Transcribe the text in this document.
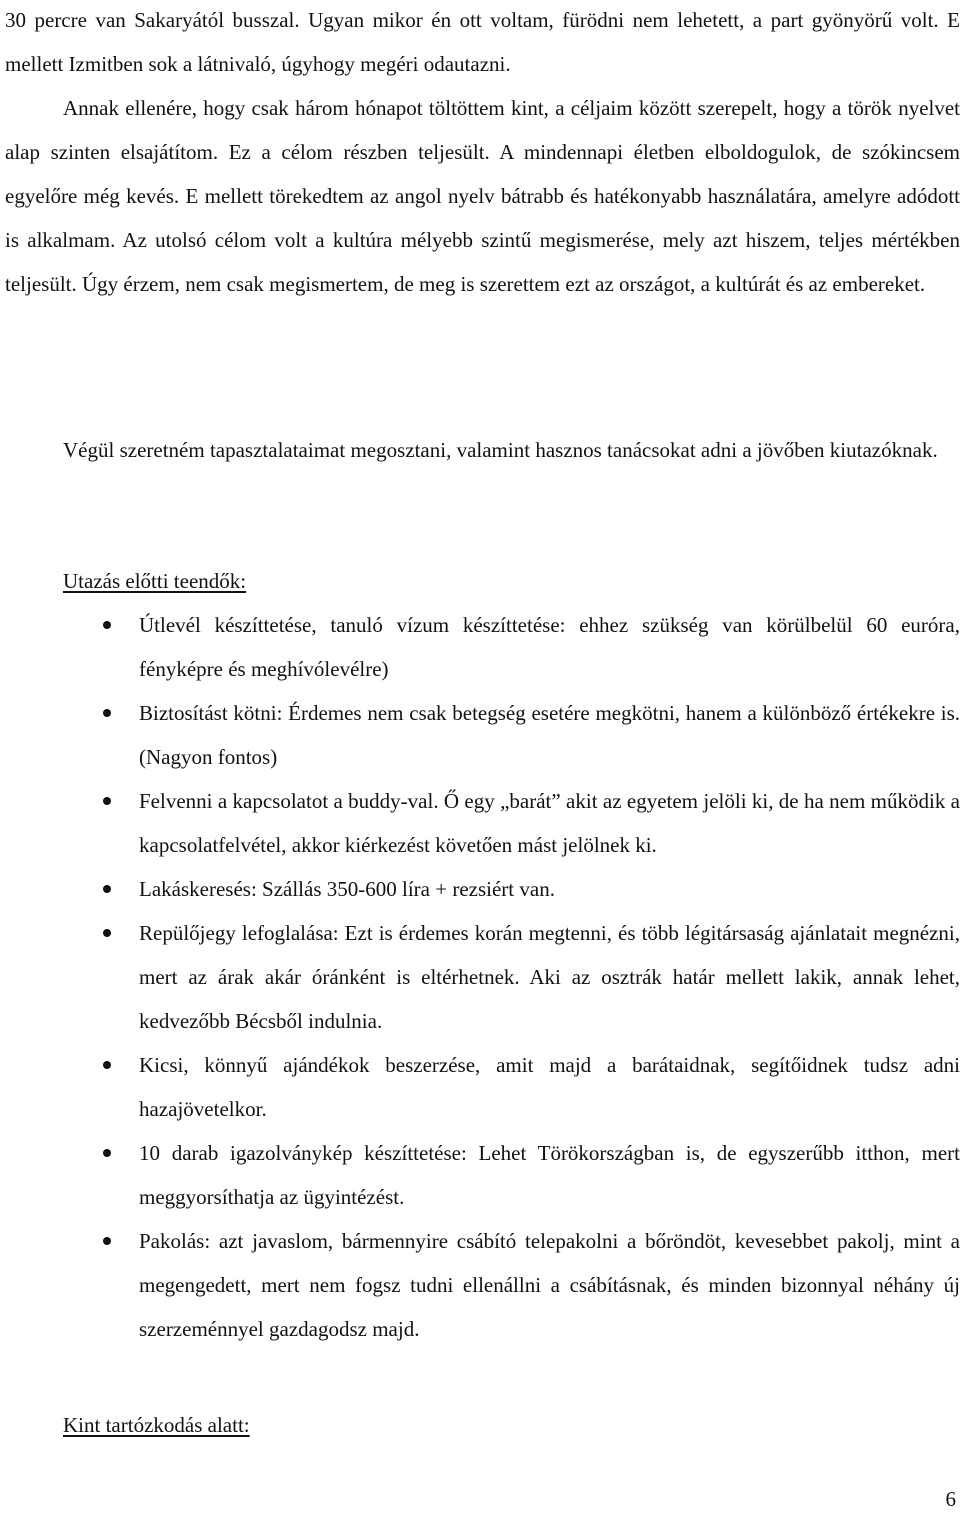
30 percre van Sakaryától busszal. Ugyan mikor én ott voltam, fürödni nem lehetett, a part gyönyörű volt. E mellett Izmitben sok a látnivaló, úgyhogy megéri odautazni.

Végül szeretném tapasztalataimat megosztani, valamint hasznos tanácsokat adni a jövőben kiutazóknak.

Utazás előtti teendők:

Útlevél készíttetése, tanuló vízum készíttetése: ehhez szükség van körülbelül 60 euróra, fényképre és meghívólevélre)
Biztosítást kötni: Érdemes nem csak betegség esetére megkötni, hanem a különböző értékekre is. (Nagyon fontos)
Felvenni a kapcsolatot a buddy-val. Ő egy „barát” akit az egyetem jelöli ki, de ha nem működik a kapcsolatfelvétel, akkor kiérkezést követően mást jelölnek ki.
Lakáskeresés: Szállás 350-600 líra + rezsiért van.
Repülőjegy lefoglalása: Ezt is érdemes korán megtenni, és több légitársaság ajánlatait megnézni, mert az árak akár óránként is eltérhetnek. Aki az osztrák határ mellett lakik, annak lehet, kedvezőbb Bécsből indulnia.
Kicsi, könnyű ajándékok beszerzése, amit majd a barátaidnak, segítőidnek tudsz adni hazajövetelkor.
10 darab igazolványkép készíttetése: Lehet Törökországban is, de egyszerűbb itthon, mert meggyorsíthatja az ügyintézést.
Pakolás: azt javaslom, bármennyire csábító telepakolni a bőröndöt, kevesebbet pakolj, mint a megengedett, mert nem fogsz tudni ellenállni a csábításnak, és minden bizonnyal néhány új szerzeménnyel gazdagodsz majd.

Kint tartózkodás alatt:

6

Annak ellenére, hogy csak három hónapot töltöttem kint, a céljaim között szerepelt, hogy a török nyelvet alap szinten elsajátítom. Ez a célom részben teljesült. A mindennapi életben elboldogulok, de szókincsem egyelőre még kevés. E mellett törekedtem az angol nyelv bátrabb és hatékonyabb használatára, amelyre adódott is alkalmam. Az utolsó célom volt a kultúra mélyebb szintű megismerése, mely azt hiszem, teljes mértékben teljesült. Úgy érzem, nem csak megismertem, de meg is szerettem ezt az országot, a kultúrát és az embereket.
